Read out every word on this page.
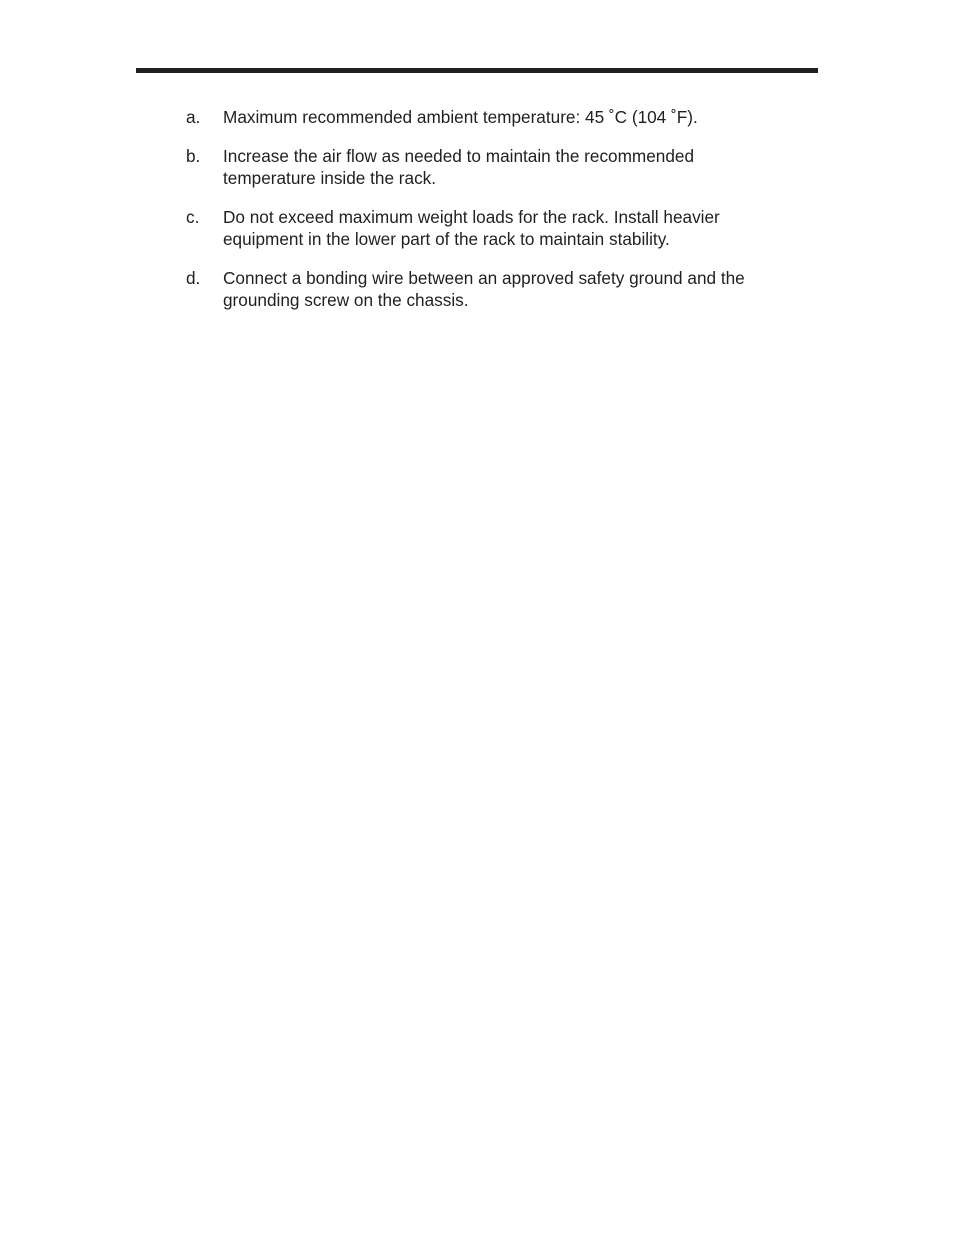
a.	Maximum recommended ambient temperature: 45 ˚C (104 ˚F).
b.	Increase the air flow as needed to maintain the recommended
temperature inside the rack.
c.	Do not exceed maximum weight loads for the rack. Install heavier
equipment in the lower part of the rack to maintain stability.
d.	Connect a bonding wire between an approved safety ground and the
grounding screw on the chassis.
